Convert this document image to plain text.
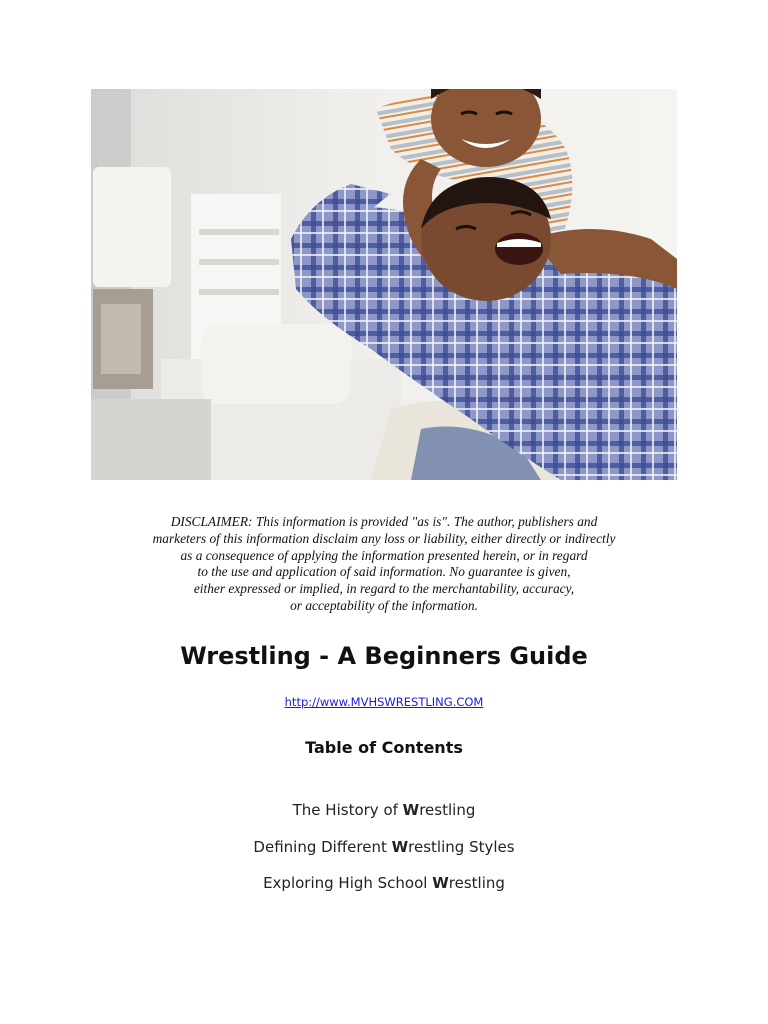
DISCLAIMER: This information is provided "as is". The author, publishers and
marketers of this information disclaim any loss or liability, either directly or indirectly
as a consequence of applying the information presented herein, or in regard
to the use and application of said information. No guarantee is given,
either expressed or implied, in regard to the merchantability, accuracy,
or acceptability of the information.

Wrestling - A Beginners Guide
http://www.MVHSWRESTLING.COM
Table of Contents
The History of Wrestling
Defining Different Wrestling Styles
Exploring High School Wrestling
